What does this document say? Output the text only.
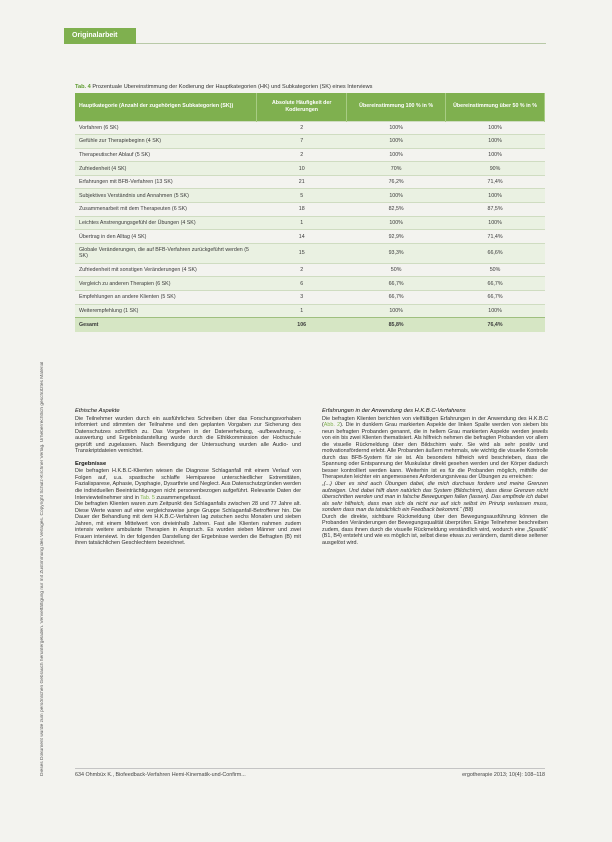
Originalarbeit
Dieses Dokument wurde zum persönlichen Gebrauch heruntergeladen. Vervielfältigung nur mit Zustimmung des Verlages. Copyright Schulz-Kirchner Verlag. Urheberrechtlich geschütztes Material
Tab. 4 Prozentuale Übereinstimmung der Kodierung der Hauptkategorien (HK) und Subkategorien (SK) eines Interviews
Hauptkategorie (Anzahl der zugehörigen Subkategorien (SK))	Absolute Häufigkeit der Kodierungen	Übereinstimmung 100 % in %	Übereinstimmung über 50 % in %
Vorfahren (6 SK)	2	100%	100%
Gefühle zur Therapiebeginn (4 SK)	7	100%	100%
Therapeutischer Ablauf (5 SK)	2	100%	100%
Zufriedenheit (4 SK)	10	70%	90%
Erfahrungen mit BFB-Verfahren (13 SK)	21	76,2%	71,4%
Subjektives Verständnis und Annahmen (5 SK)	5	100%	100%
Zusammenarbeit mit dem Therapeuten (6 SK)	18	82,5%	87,5%
Leichtes Anstrengungsgefühl der Übungen (4 SK)	1	100%	100%
Übertrag in den Alltag (4 SK)	14	92,9%	71,4%
Globale Veränderungen, die auf BFB-Verfahren zurückgeführt werden (5 SK)	15	93,3%	66,6%
Zufriedenheit mit sonstigen Veränderungen (4 SK)	2	50%	50%
Vergleich zu anderen Therapien (6 SK)	6	66,7%	66,7%
Empfehlungen an andere Klienten (5 SK)	3	66,7%	66,7%
Weiterempfehlung (1 SK)	1	100%	100%
Gesamt	106	85,8%	76,4%
Ethische Aspekte

Die Teilnehmer wurden durch ein ausführliches Schreiben über das Forschungsvorhaben informiert und stimmten der Teilnahme und den geplanten Vorgaben zur Sicherung des Datenschutzes schriftlich zu. Das Vorgehen in der Datenerhebung, -aufbewahrung, -auswertung und Ergebnisdarstellung wurde durch die Ethikkommission der Hochschule geprüft und zugelassen. Nach Beendigung der Untersuchung wurden alle Audio- und Transkriptdateien vernichtet.

Ergebnisse

Die befragten H.K.B.C-Klienten wiesen die Diagnose Schlaganfall mit einem Verlauf von Folgen auf, u.a. spastische schlaffe Hemiparese unterschiedlicher Extremitäten, Fazialisparese, Aphasie, Dysphagie, Dysarthrie und Neglect. Aus Datenschutzgründen werden die individuellen Beeinträchtigungen nicht personenbezogen aufgeführt. Relevante Daten der Interviewteilnehmer sind in Tab. 5 zusammengefasst.

Die befragten Klienten waren zum Zeitpunkt des Schlaganfalls zwischen 28 und 77 Jahre alt. Diese Werte waren auf eine vergleichsweise junge Gruppe Schlaganfall-Betroffener hin. Die Dauer der Behandlung mit dem H.K.B.C-Verfahren lag zwischen sechs Monaten und sieben Jahren, mit einem Mittelwert von dreieinhalb Jahren. Fast alle Klienten nahmen zudem intensiv weitere ambulante Therapien in Anspruch. Es wurden sieben Männer und zwei Frauen interviewt. In der folgenden Darstellung der Ergebnisse werden die Befragten (B) mit ihren tatsächlichen Geschlechtern bezeichnet.

Erfahrungen in der Anwendung des H.K.B.C-Verfahrens

Die befragten Klienten berichten von vielfältigen Erfahrungen in der Anwendung des H.K.B.C (Abb. 2). Die in dunklem Grau markierten Aspekte der linken Spalte werden von sieben bis neun befragten Probanden genannt, die in hellem Grau markierten Aspekte werden jeweils von ein bis zwei Klienten thematisiert. Als hilfreich nehmen die befragten Probanden vor allem die visuelle Rückmeldung über den Bildschirm wahr. Sie wird als sehr positiv und motivationsfördernd erlebt. Alle Probanden äußern mehrmals, wie wichtig die visuelle Kontrolle durch das BFB-System für sie ist. Als besonders hilfreich wird beschrieben, dass die Spannung oder Entspannung der Muskulatur direkt gesehen werden und der Körper dadurch besser kontrolliert werden kann. Weiterhin ist es für die Probanden möglich, mithilfe der Therapeuten leichter ein angemessenes Anforderungsniveau der Übungen zu erreichen:

„(...) über es sind auch Übungen dabei, die mich durchaus fordern und meine Grenzen aufzeigen. Und dabei hilft dann natürlich das System (Bildschirm), dass diese Grenzen nicht überschritten werden und man in falsche Bewegungen fallen (lassen). Das empfinde ich dabei als sehr hilfreich, dass man sich da nicht nur auf sich selbst im Prinzip verlassen muss, sondern dass man da tatsächlich ein Feedback bekommt.“ (B8)

Durch die direkte, sichtbare Rückmeldung über den Bewegungsausführung können die Probanden Veränderungen der Bewegungsqualität überprüfen. Einige Teilnehmer beschreiben zudem, dass ihnen durch die visuelle Rückmeldung verständlich wird, wodurch eine „Spastik“ (B1, B4) entsteht und wie es möglich ist, selbst diese etwas zu verändern, damit diese seltener ausgelöst wird.

634 Ohmbüx K., Biofeedback-Verfahren Hemi-Kinematik-und-Confirm...	ergotherapie 2013; 10(4): 108–118
